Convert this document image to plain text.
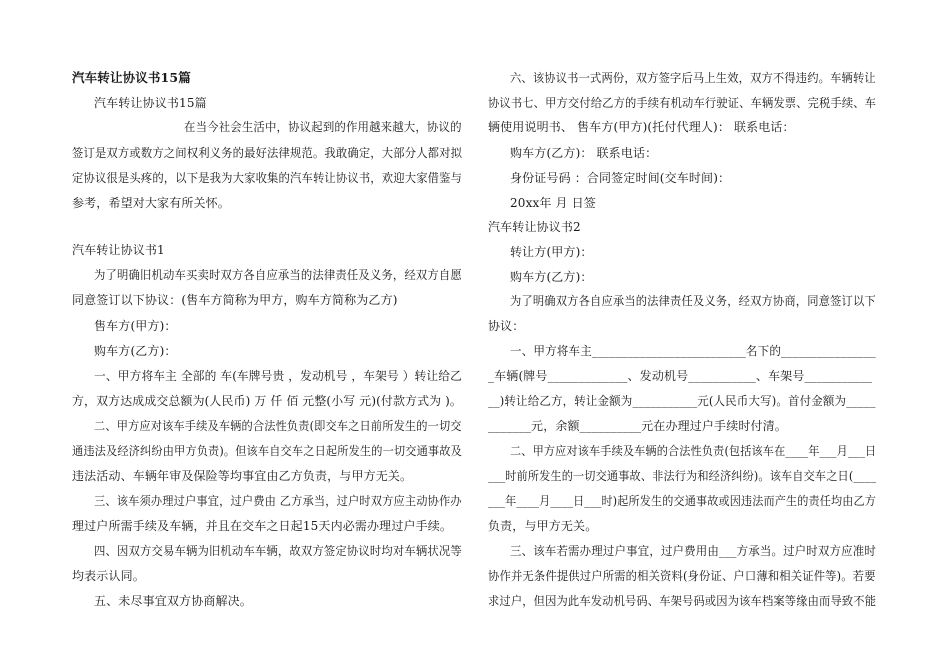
汽车转让协议书15篇
汽车转让协议书15篇
在当今社会生活中，协议起到的作用越来越大，协议的
签订是双方或数方之间权利义务的最好法律规范。我敢确定，大部分人都对拟
定协议很是头疼的，以下是我为大家收集的汽车转让协议书，欢迎大家借鉴与
参考，希望对大家有所关怀。
汽车转让协议书1
为了明确旧机动车买卖时双方各自应承当的法律责任及义务，经双方自愿
同意签订以下协议：(售车方简称为甲方，购车方简称为乙方)
售车方(甲方)：
购车方(乙方)：
一、甲方将车主 全部的 车(车牌号贵 ，发动机号 ，车架号 ）转让给乙
方，双方达成成交总额为(人民币) 万 仟 佰 元整(小写 元)(付款方式为 )。
二、甲方应对该车手续及车辆的合法性负责(即交车之日前所发生的一切交
通违法及经济纠纷由甲方负责)。但该车自交车之日起所发生的一切交通事故及
违法活动、车辆年审及保险等均事宜由乙方负责，与甲方无关。
三、该车须办理过户事宜，过户费由 乙方承当，过户时双方应主动协作办
理过户所需手续及车辆，并且在交车之日起15天内必需办理过户手续。
四、因双方交易车辆为旧机动车车辆，故双方签定协议时均对车辆状况等
均表示认同。
五、未尽事宜双方协商解决。
六、该协议书一式两份，双方签字后马上生效，双方不得违约。车辆转让
协议书七、甲方交付给乙方的手续有机动车行驶证、车辆发票、完税手续、车
辆使用说明书、 售车方(甲方)(托付代理人)： 联系电话：
购车方(乙方)： 联系电话：
身份证号码 ：合同签定时间(交车时间)：
20xx年 月 日签
汽车转让协议书2
转让方(甲方)：
购车方(乙方)：
为了明确双方各自应承当的法律责任及义务，经双方协商，同意签订以下
协议：
一、甲方将车主__________________________名下的________________
_车辆(牌号_____________、发动机号___________、车架号___________
__)转让给乙方，转让金额为___________元(人民币大写)。首付金额为_____
_______元，余额__________元在办理过户手续时付清。
二、甲方应对该车手续及车辆的合法性负责(包括该车在____年___月___日
___时前所发生的一切交通事故、非法行为和经济纠纷)。该车自交车之日(____
___年____月____日___时)起所发生的交通事故或因违法而产生的责任均由乙方
负责，与甲方无关。
三、该车若需办理过户事宜，过户费用由___方承当。过户时双方应准时
协作并无条件提供过户所需的相关资料(身份证、户口薄和相关证件等)。若要
求过户，但因为此车发动机号码、车架号码或因为该车档案等缘由而导致不能
